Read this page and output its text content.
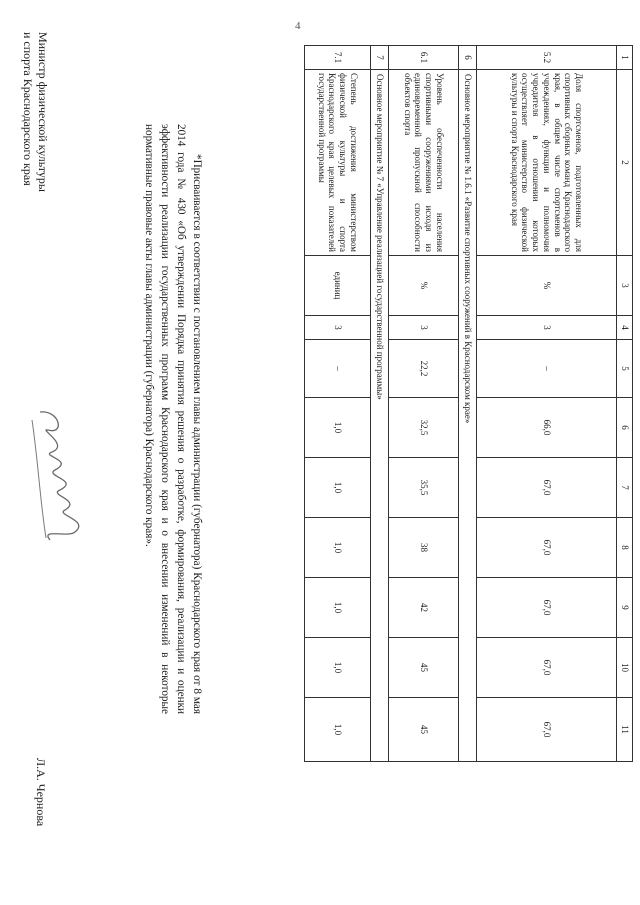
4
1	2	3	4	5	6	7	8	9	10	11
5.2	Доля спортсменов, подготовленных для спортивных сборных команд Краснодарского края, в общем числе спортсменов в учреждениях, функции и полномочия учредителя в отношении которых осуществляет министерство физической культуры и спорта Краснодарского края	%	3	–	66,0	67,0	67,0	67,0	67,0	67,0
6	Основное мероприятие № 1.6.1 «Развитие спортивных сооружений в Краснодарском крае»									
6.1	Уровень обеспеченности населения спортивными сооружениями исходя из единовременной пропускной способности объектов спорта	%	3	22,2	32,5	35,5	38	42	45	45
7	Основное мероприятие № 7 «Управление реализацией государственной программы»									
7.1	Степень достижения министерством физической культуры и спорта Краснодарского края целевых показателей государственной программы	единиц	3	–	1,0	1,0	1,0	1,0	1,0	1,0

*Присваивается в соответствии с постановлением главы администрации (губернатора) Краснодарского края от 8 мая 2014 года № 430 «Об утверждении Порядка принятия решения о разработке, формирования, реализации и оценки эффективности реализации государственных программ Краснодарского края и о внесении изменений в некоторые нормативные правовые акты главы администрации (губернатора) Краснодарского края».

Министр физической культуры
и спорта Краснодарского края
Л.А. Чернова
